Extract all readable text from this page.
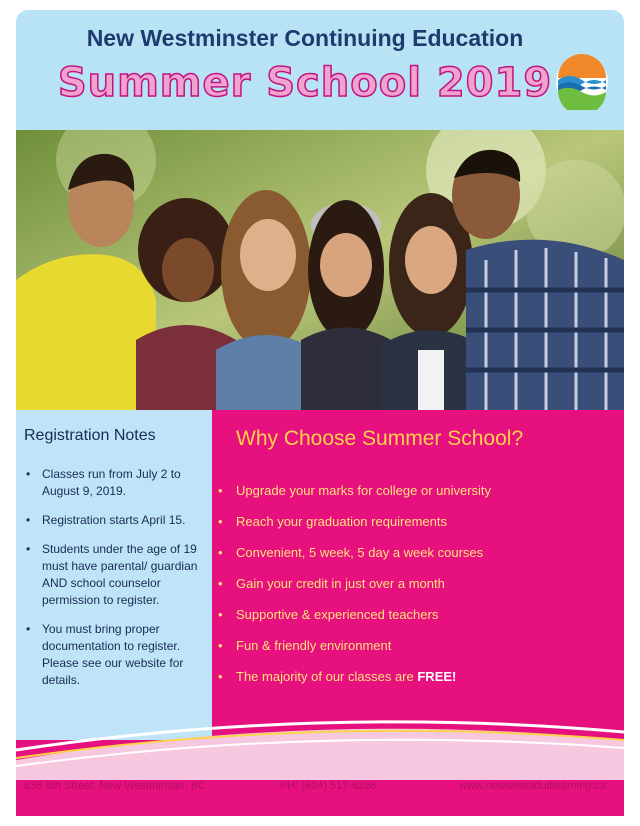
New Westminster Continuing Education
Summer School 2019
Registration Notes
• Classes run from July 2 to August 9, 2019.
• Registration starts April 15.
• Students under the age of 19 must have parental/ guardian AND school counselor permission to register.
• You must bring proper documentation to register. Please see our website for details.
Why Choose Summer School?
• Upgrade your marks for college or university
• Reach your graduation requirements
• Convenient, 5 week, 5 day a week courses
• Gain your credit in just over a month
• Supportive & experienced teachers
• Fun & friendly environment
• The majority of our classes are FREE!
835 8th Street, New Westminster, BC	PH: (604) 517-6286	www.newwestadultlearning.ca
